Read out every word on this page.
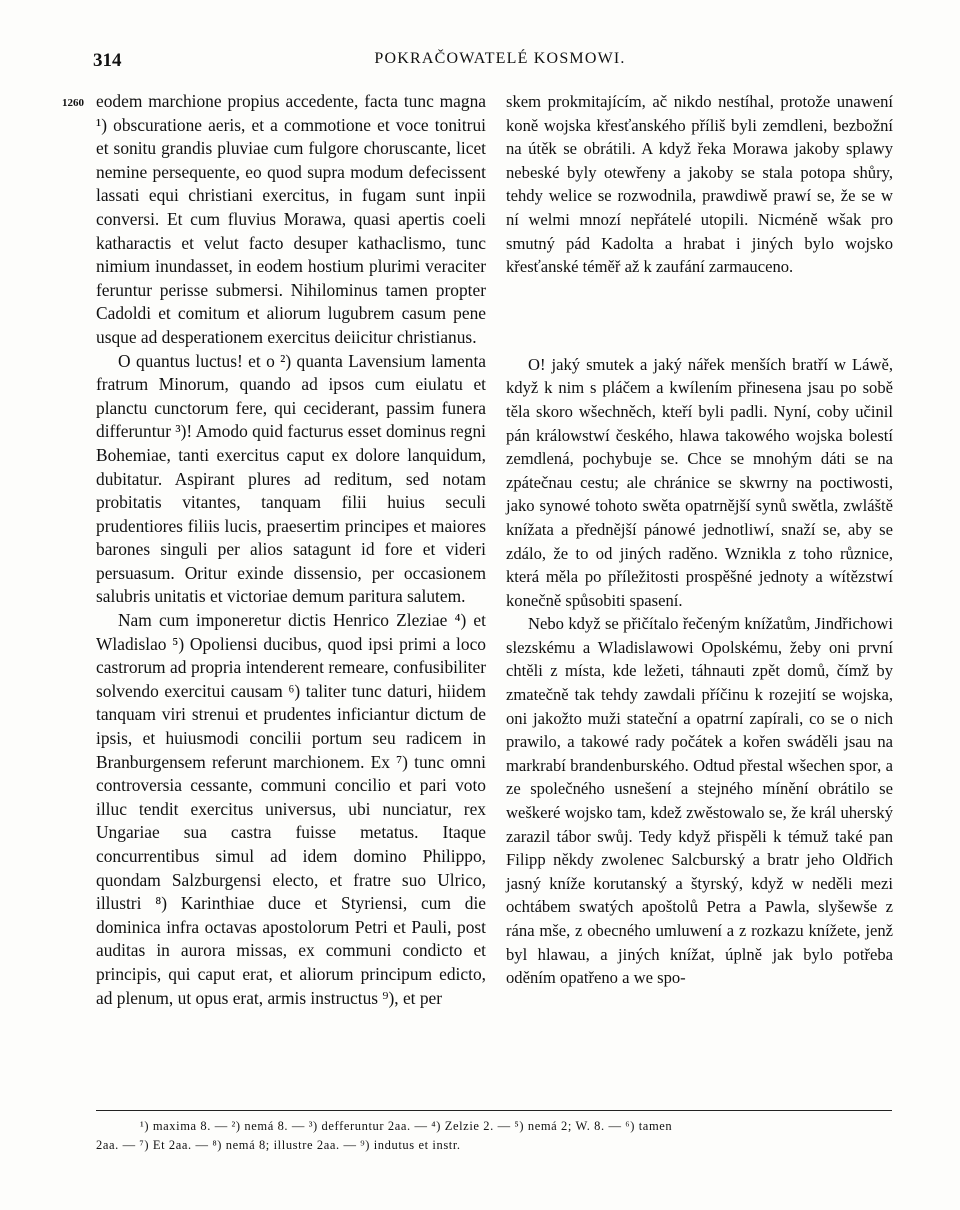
314	POKRAČOWATELÉ KOSMOWI.
1260 eodem marchione propius accedente, facta tunc magna ¹) obscuratione aeris, et a commotione et voce tonitrui et sonitu grandis pluviae cum fulgore choruscante, licet nemine persequente, eo quod supra modum defecissent lassati equi christiani exercitus, in fugam sunt inpii conversi. Et cum fluvius Morawa, quasi apertis coeli katharactis et velut facto desuper kathaclismo, tunc nimium inundasset, in eodem hostium plurimi veraciter feruntur perisse submersi. Nihilominus tamen propter Cadoldi et comitum et aliorum lugubrem casum pene usque ad desperationem exercitus deiicitur christianus.

O quantus luctus! et o ²) quanta Lavensium lamenta fratrum Minorum, quando ad ipsos cum eiulatu et planctu cunctorum fere, qui ceciderant, passim funera differuntur ³)! Amodo quid facturus esset dominus regni Bohemiae, tanti exercitus caput ex dolore lanquidum, dubitatur. Aspirant plures ad reditum, sed notam probitatis vitantes, tanquam filii huius seculi prudentiores filiis lucis, praesertim principes et maiores barones singuli per alios satagunt id fore et videri persuasum. Oritur exinde dissensio, per occasionem salubris unitatis et victoriae demum paritura salutem.

Nam cum imponeretur dictis Henrico Zleziae ⁴) et Wladislao ⁵) Opoliensi ducibus, quod ipsi primi a loco castrorum ad propria intenderent remeare, confusibiliter solvendo exercitui causam ⁶) taliter tunc daturi, hiidem tanquam viri strenui et prudentes inficiantur dictum de ipsis, et huiusmodi concilii portum seu radicem in Branburgensem referunt marchionem. Ex ⁷) tunc omni controversia cessante, communi concilio et pari voto illuc tendit exercitus universus, ubi nunciatur, rex Ungariae sua castra fuisse metatus. Itaque concurrentibus simul ad idem domino Philippo, quondam Salzburgensi electo, et fratre suo Ulrico, illustri ⁸) Karinthiae duce et Styriensi, cum die dominica infra octavas apostolorum Petri et Pauli, post auditas in aurora missas, ex communi condicto et principis, qui caput erat, et aliorum principum edicto, ad plenum, ut opus erat, armis instructus ⁹), et per

skem prokmitajícím, ač nikdo nestíhal, protože unawení koně wojska křesťanského příliš byli zemdleni, bezbožní na útěk se obrátili. A když řeka Morawa jakoby splawy nebeské byly otewřeny a jakoby se stala potopa shůry, tehdy welice se rozwodnila, prawdiwě prawí se, že se w ní welmi mnozí nepřátelé utopili. Nicméně wšak pro smutný pád Kadolta a hrabat i jiných bylo wojsko křesťanské téměř až k zaufání zarmauceno.

O! jaký smutek a jaký nářek menších bratří w Láwě, když k nim s pláčem a kwílením přinesena jsau po sobě těla skoro wšechněch, kteří byli padli. Nyní, coby učinil pán králowstwí českého, hlawa takowého wojska bolestí zemdlená, pochybuje se. Chce se mnohým dáti se na zpátečnau cestu; ale chránice se skwrny na poctiwosti, jako synowé tohoto swěta opatrnější synů swětla, zwláště knížata a přednější pánowé jednotliwí, snaží se, aby se zdálo, že to od jiných raděno. Wznikla z toho různice, která měla po příležitosti prospěšné jednoty a wítězstwí konečně spůsobiti spasení.

Nebo když se přičítalo řečeným knížatům, Jindřichowi slezskému a Wladislawowi Opolskému, žeby oni první chtěli z místa, kde ležeti, táhnauti zpět domů, čímž by zmatečně tak tehdy zawdali příčinu k rozejití se wojska, oni jakožto muži stateční a opatrní zapírali, co se o nich prawilo, a takowé rady počátek a kořen swáděli jsau na markrabí brandenburského. Odtud přestal wšechen spor, a ze společného usnešení a stejného mínění obrátilo se weškeré wojsko tam, kdež zwěstowalo se, že král uherský zarazil tábor swůj. Tedy když přispěli k témuž také pan Filipp někdy zwolenec Salcburský a bratr jeho Oldřich jasný kníže korutanský a štyrský, když w neděli mezi ochtábem swatých apoštolů Petra a Pawla, slyšewše z rána mše, z obecného umluwení a z rozkazu knížete, jenž byl hlawau, a jiných knížat, úplně jak bylo potřeba oděním opatřeno a we spo-

¹) maxima 8. — ²) nemá 8. — ³) defferuntur 2aa. — ⁴) Zelzie 2. — ⁵) nemá 2; W. 8. — ⁶) tamen
2aa. — ⁷) Et 2aa. — ⁸) nemá 8; illustre 2aa. — ⁹) indutus et instr.
